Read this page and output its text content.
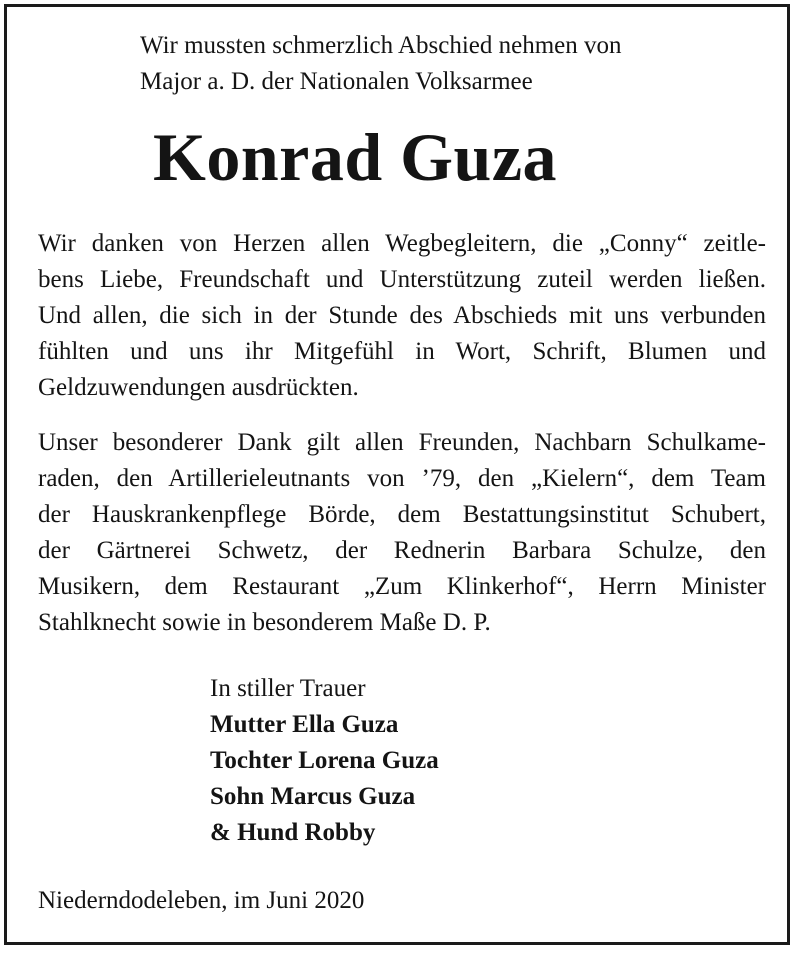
Wir mussten schmerzlich Abschied nehmen von
Major a. D. der Nationalen Volksarmee
Konrad Guza
Wir danken von Herzen allen Wegbegleitern, die „Conny“ zeitle-
bens Liebe, Freundschaft und Unterstützung zuteil werden ließen.
Und allen, die sich in der Stunde des Abschieds mit uns verbunden
fühlten und uns ihr Mitgefühl in Wort, Schrift, Blumen und
Geldzuwendungen ausdrückten.
Unser besonderer Dank gilt allen Freunden, Nachbarn Schulkame-
raden, den Artillerieleutnants von ’79, den „Kielern“, dem Team
der Hauskrankenpflege Börde, dem Bestattungsinstitut Schubert,
der Gärtnerei Schwetz, der Rednerin Barbara Schulze, den
Musikern, dem Restaurant „Zum Klinkerhof“, Herrn Minister
Stahlknecht sowie in besonderem Maße D. P.
In stiller Trauer
Mutter Ella Guza
Tochter Lorena Guza
Sohn Marcus Guza
& Hund Robby
Niederndodeleben, im Juni 2020
